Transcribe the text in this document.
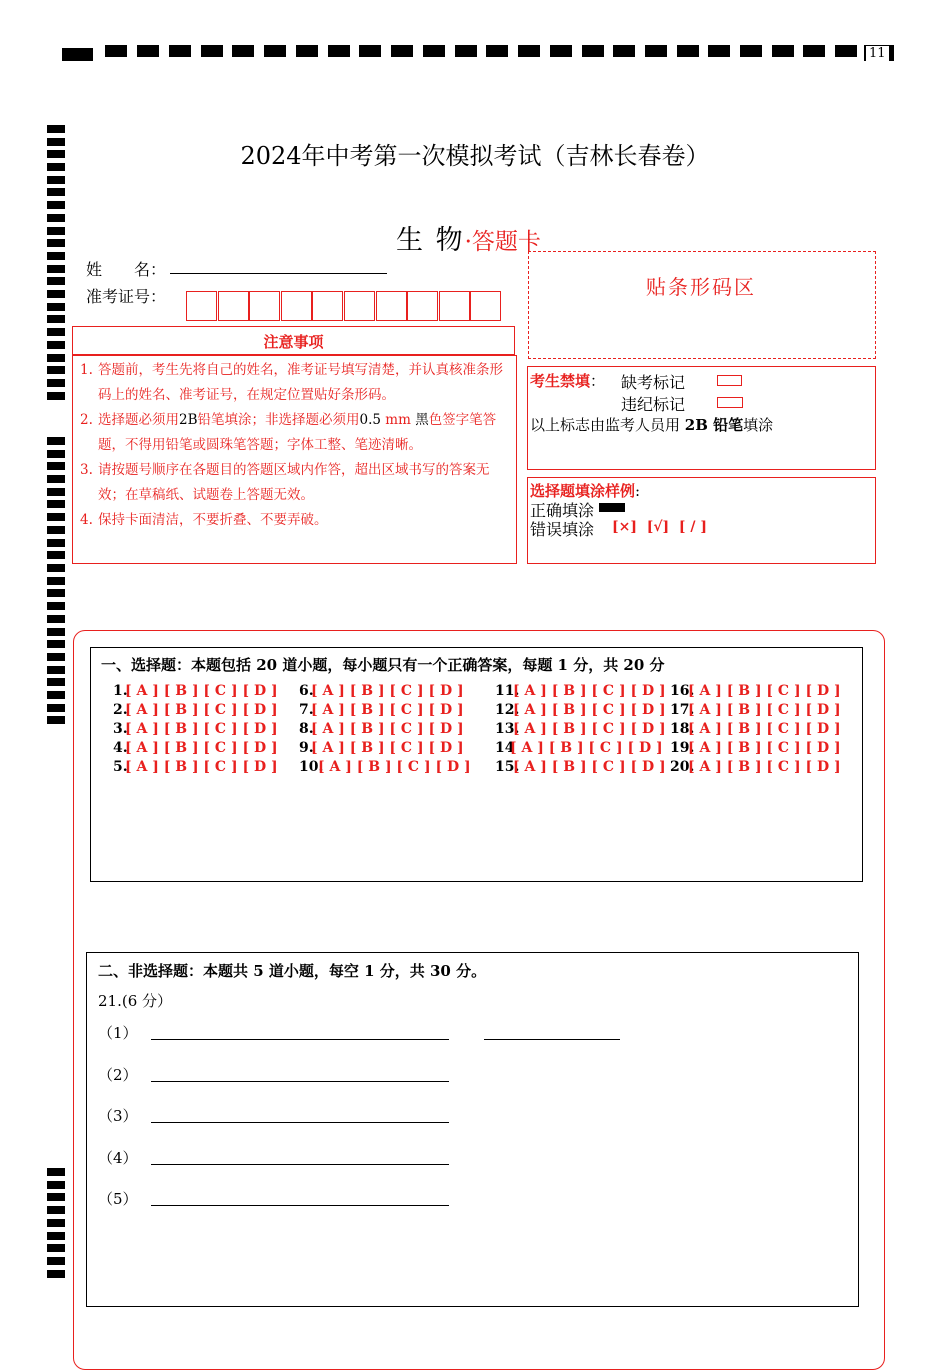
11
2024年中考第一次模拟考试（吉林长春卷）
生 物·答题卡
姓　　名：
准考证号：	贴条形码区
注意事项
1. 答题前，考生先将自己的姓名，准考证号填写清楚，并认真核准条形码上的姓名、准考证号，在规定位置贴好条形码。
2. 选择题必须用2B铅笔填涂；非选择题必须用0.5 mm 黑色签字笔答题，不得用铅笔或圆珠笔答题；字体工整、笔迹清晰。
3. 请按题号顺序在各题目的答题区域内作答，超出区域书写的答案无效；在草稿纸、试题卷上答题无效。
4. 保持卡面清洁，不要折叠、不要弄破。
考生禁填： 缺考标记
违纪标记
以上标志由监考人员用 2B 铅笔填涂
选择题填涂样例:
正确填涂
错误填涂 [×]  [√]  [ / ]
一、选择题：本题包括 20 道小题，每小题只有一个正确答案，每题 1 分，共 20 分
1.
[ A ] [ B ] [ C ] [ D ]
2.
[ A ] [ B ] [ C ] [ D ]
3.
[ A ] [ B ] [ C ] [ D ]
4.
[ A ] [ B ] [ C ] [ D ]
5.
[ A ] [ B ] [ C ] [ D ]
6.
[ A ] [ B ] [ C ] [ D ]
7.
[ A ] [ B ] [ C ] [ D ]
8.
[ A ] [ B ] [ C ] [ D ]
9.
[ A ] [ B ] [ C ] [ D ]
10.
[ A ] [ B ] [ C ] [ D ]
11.
[ A ] [ B ] [ C ] [ D ]
12.
[ A ] [ B ] [ C ] [ D ]
13.
[ A ] [ B ] [ C ] [ D ]
14
[ A ] [ B ] [ C ] [ D ]
15.
[ A ] [ B ] [ C ] [ D ]
16.
[ A ] [ B ] [ C ] [ D ]
17.
[ A ] [ B ] [ C ] [ D ]
18.
[ A ] [ B ] [ C ] [ D ]
19.
[ A ] [ B ] [ C ] [ D ]
20.
[ A ] [ B ] [ C ] [ D ]
二、非选择题：本题共 5 道小题，每空 1 分，共 30 分。
21.(6 分）
（1）
（2）
（3）
（4）
（5）
